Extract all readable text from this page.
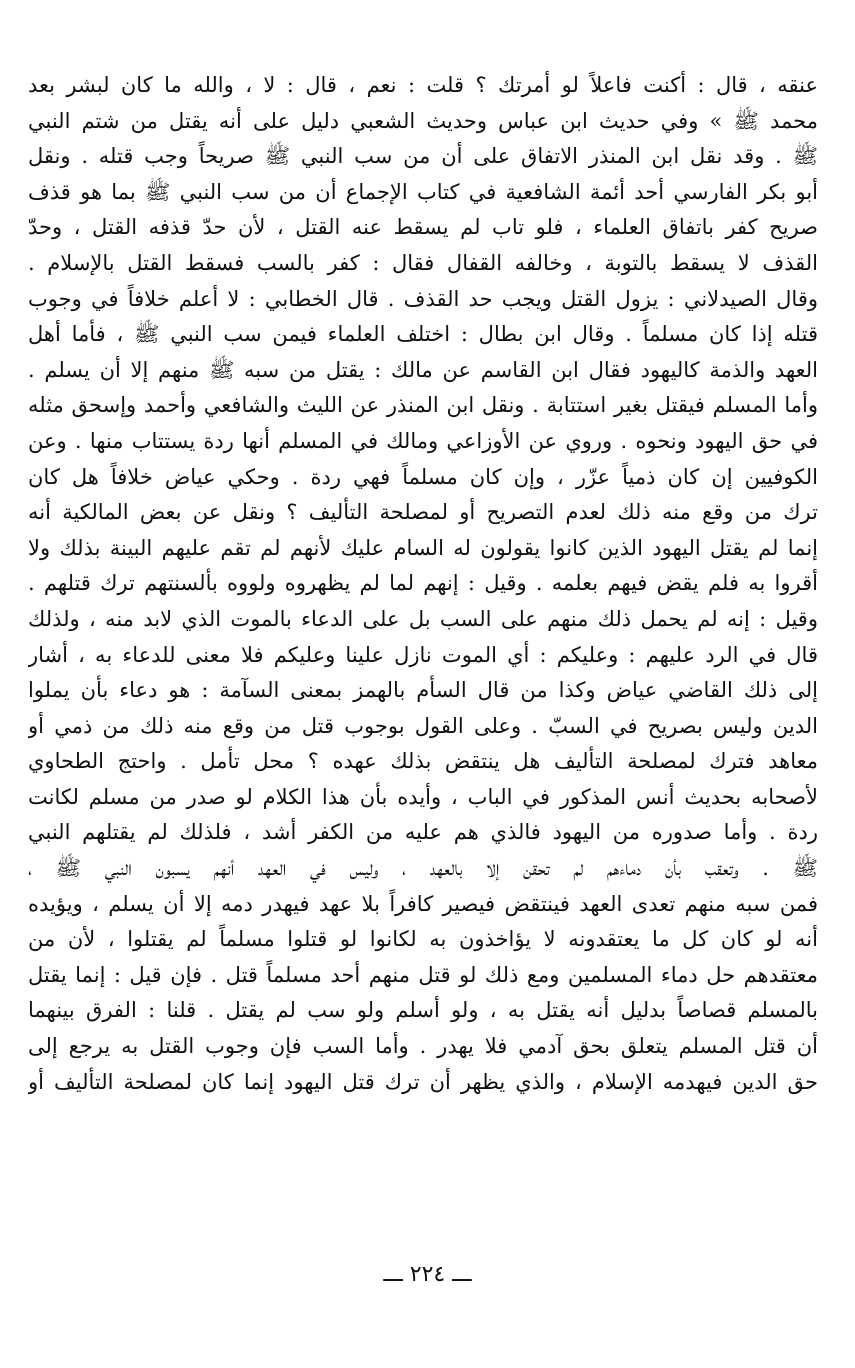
عنقه ، قال : أكنت فاعلاً لو أمرتك ؟ قلت : نعم ، قال : لا ، والله ما كان لبشر بعد
محمد ﷺ » وفي حديث ابن عباس وحديث الشعبي دليل على أنه يقتل من شتم النبي
ﷺ . وقد نقل ابن المنذر الاتفاق على أن من سب النبي ﷺ صريحاً وجب قتله . ونقل
أبو بكر الفارسي أحد أئمة الشافعية في كتاب الإجماع أن من سب النبي ﷺ بما هو قذف
صريح كفر باتفاق العلماء ، فلو تاب لم يسقط عنه القتل ، لأن حدّ قذفه القتل ، وحدّ
القذف لا يسقط بالتوبة ، وخالفه القفال فقال : كفر بالسب فسقط القتل بالإسلام .
وقال الصيدلاني : يزول القتل ويجب حد القذف . قال الخطابي : لا أعلم خلافاً في وجوب
قتله إذا كان مسلماً . وقال ابن بطال : اختلف العلماء فيمن سب النبي ﷺ ، فأما أهل
العهد والذمة كاليهود فقال ابن القاسم عن مالك : يقتل من سبه ﷺ منهم إلا أن يسلم .
وأما المسلم فيقتل بغير استتابة . ونقل ابن المنذر عن الليث والشافعي وأحمد وإسحق مثله
في حق اليهود ونحوه . وروي عن الأوزاعي ومالك في المسلم أنها ردة يستتاب منها . وعن
الكوفيين إن كان ذمياً عزّر ، وإن كان مسلماً فهي ردة . وحكي عياض خلافاً هل كان
ترك من وقع منه ذلك لعدم التصريح أو لمصلحة التأليف ؟ ونقل عن بعض المالكية أنه
إنما لم يقتل اليهود الذين كانوا يقولون له السام عليك لأنهم لم تقم عليهم البينة بذلك ولا
أقروا به فلم يقض فيهم بعلمه . وقيل : إنهم لما لم يظهروه ولووه بألسنتهم ترك قتلهم .
وقيل : إنه لم يحمل ذلك منهم على السب بل على الدعاء بالموت الذي لابد منه ، ولذلك
قال في الرد عليهم : وعليكم : أي الموت نازل علينا وعليكم فلا معنى للدعاء به ، أشار
إلى ذلك القاضي عياض وكذا من قال السأم بالهمز بمعنى السآمة : هو دعاء بأن يملوا
الدين وليس بصريح في السبّ . وعلى القول بوجوب قتل من وقع منه ذلك من ذمي أو
معاهد فترك لمصلحة التأليف هل ينتقض بذلك عهده ؟ محل تأمل . واحتج الطحاوي
لأصحابه بحديث أنس المذكور في الباب ، وأيده بأن هذا الكلام لو صدر من مسلم لكانت
ردة . وأما صدوره من اليهود فالذي هم عليه من الكفر أشد ، فلذلك لم يقتلهم النبي
ﷺ . وتعقب بأن دماءهم لم تحقن إلا بالعهد ، وليس في العهد أنهم يسبون النبي ﷺ ،
فمن سبه منهم تعدى العهد فينتقض فيصير كافراً بلا عهد فيهدر دمه إلا أن يسلم ، ويؤيده
أنه لو كان كل ما يعتقدونه لا يؤاخذون به لكانوا لو قتلوا مسلماً لم يقتلوا ، لأن من
معتقدهم حل دماء المسلمين ومع ذلك لو قتل منهم أحد مسلماً قتل . فإن قيل : إنما يقتل
بالمسلم قصاصاً بدليل أنه يقتل به ، ولو أسلم ولو سب لم يقتل . قلنا : الفرق بينهما
أن قتل المسلم يتعلق بحق آدمي فلا يهدر . وأما السب فإن وجوب القتل به يرجع إلى
حق الدين فيهدمه الإسلام ، والذي يظهر أن ترك قتل اليهود إنما كان لمصلحة التأليف أو
ـــ ٢٢٤ ـــ
